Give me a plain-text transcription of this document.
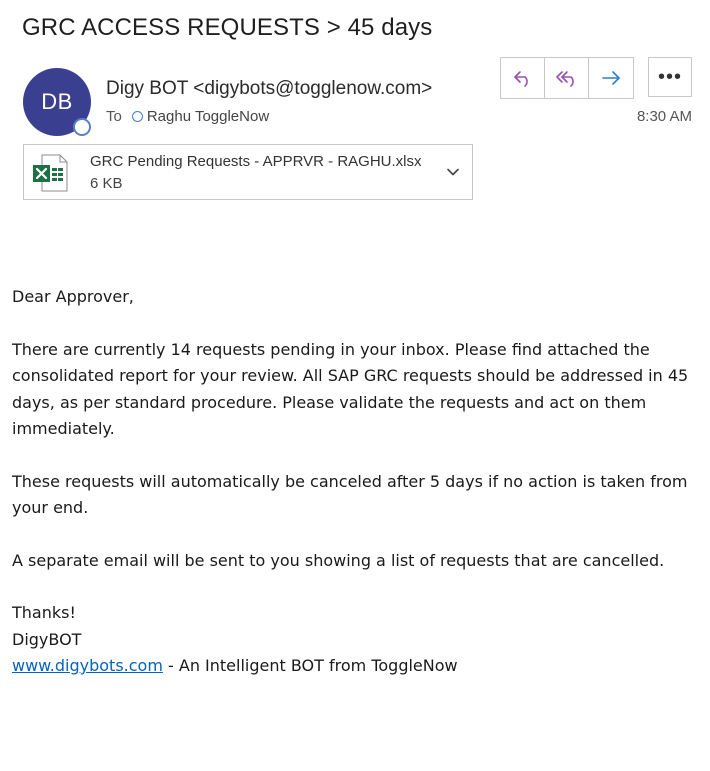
GRC ACCESS REQUESTS > 45 days
DB
Digy BOT <digybots@togglenow.com>
To Raghu ToggleNow	8:30 AM
•••
GRC Pending Requests - APPRVR - RAGHU.xlsx
6 KB

Dear Approver,

There are currently 14 requests pending in your inbox. Please find attached the consolidated report for your review. All SAP GRC requests should be addressed in 45 days, as per standard procedure. Please validate the requests and act on them immediately.

These requests will automatically be canceled after 5 days if no action is taken from your end.

A separate email will be sent to you showing a list of requests that are cancelled.

Thanks!

DigyBOT

www.digybots.com - An Intelligent BOT from ToggleNow
